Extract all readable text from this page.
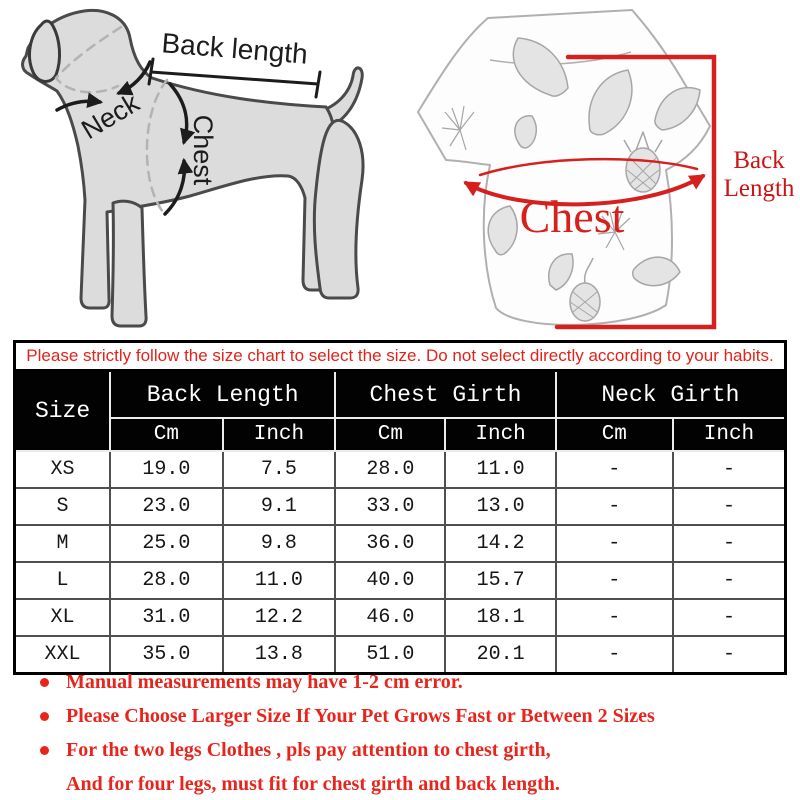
Back length
Neck Chest
Chest
Back
Length
Please strictly follow the size chart to select the size. Do not select directly according to your habits.
Size	Back Length		Chest Girth		Neck Girth	
	Cm	Inch	Cm	Inch	Cm	Inch
XS	19.0	7.5	28.0	11.0	-	-
S	23.0	9.1	33.0	13.0	-	-
M	25.0	9.8	36.0	14.2	-	-
L	28.0	11.0	40.0	15.7	-	-
XL	31.0	12.2	46.0	18.1	-	-
XXL	35.0	13.8	51.0	20.1	-	-
Manual measurements may have 1-2 cm error.
Please Choose Larger Size If Your Pet Grows Fast or Between 2 Sizes
For the two legs Clothes , pls pay attention to chest girth,
And for four legs, must fit for chest girth and back length.
